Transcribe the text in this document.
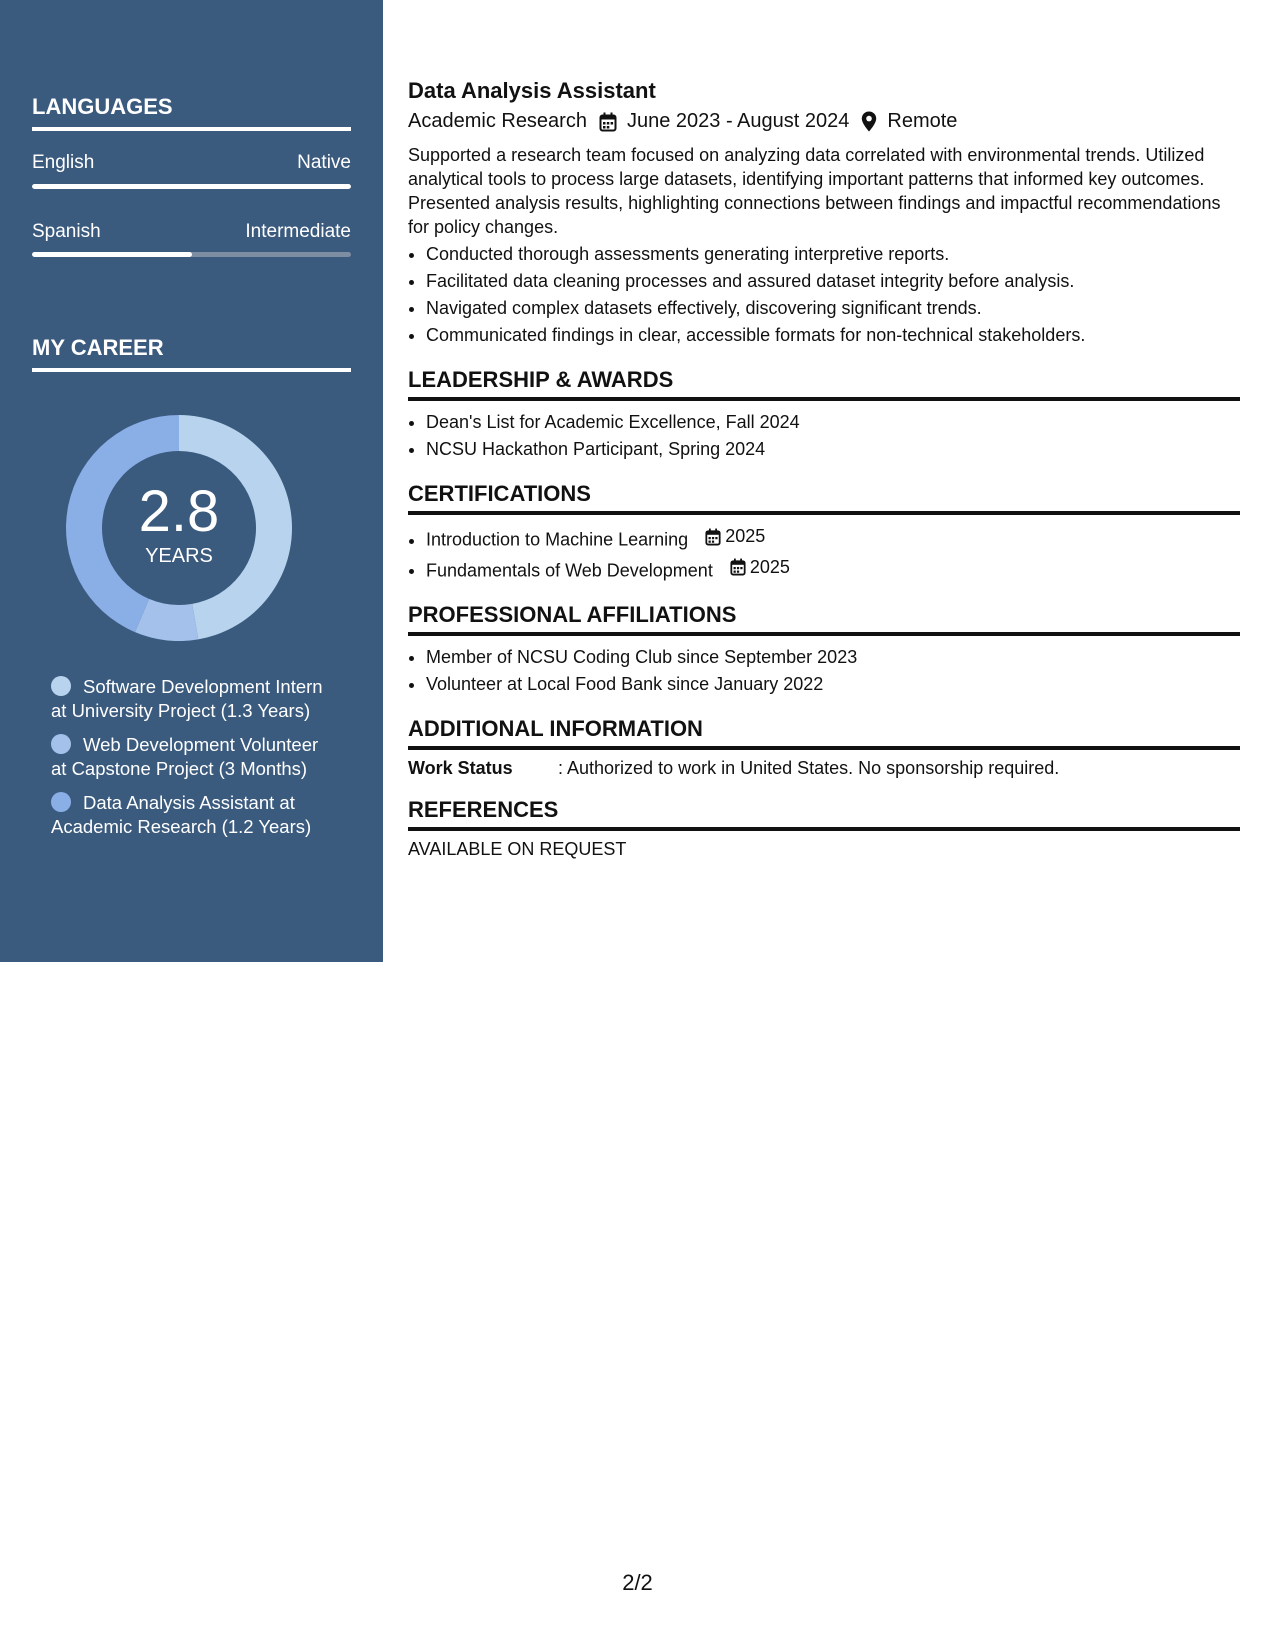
LANGUAGES
English	Native
Spanish	Intermediate
MY CAREER
2.8
YEARS
Software Development Intern at University Project (1.3 Years)
Web Development Volunteer at Capstone Project (3 Months)
Data Analysis Assistant at Academic Research (1.2 Years)
Data Analysis Assistant
Academic Research June 2023 - August 2024 Remote

Supported a research team focused on analyzing data correlated with environmental trends. Utilized analytical tools to process large datasets, identifying important patterns that informed key outcomes. Presented analysis results, highlighting connections between findings and impactful recommendations for policy changes.

• Conducted thorough assessments generating interpretive reports.
• Facilitated data cleaning processes and assured dataset integrity before analysis.
• Navigated complex datasets effectively, discovering significant trends.
• Communicated findings in clear, accessible formats for non-technical stakeholders.
LEADERSHIP & AWARDS
• Dean's List for Academic Excellence, Fall 2024
• NCSU Hackathon Participant, Spring 2024
CERTIFICATIONS
• Introduction to Machine Learning 2025
• Fundamentals of Web Development 2025
PROFESSIONAL AFFILIATIONS
• Member of NCSU Coding Club since September 2023
• Volunteer at Local Food Bank since January 2022
ADDITIONAL INFORMATION
Work Status	: Authorized to work in United States. No sponsorship required.
REFERENCES
AVAILABLE ON REQUEST
2/2
